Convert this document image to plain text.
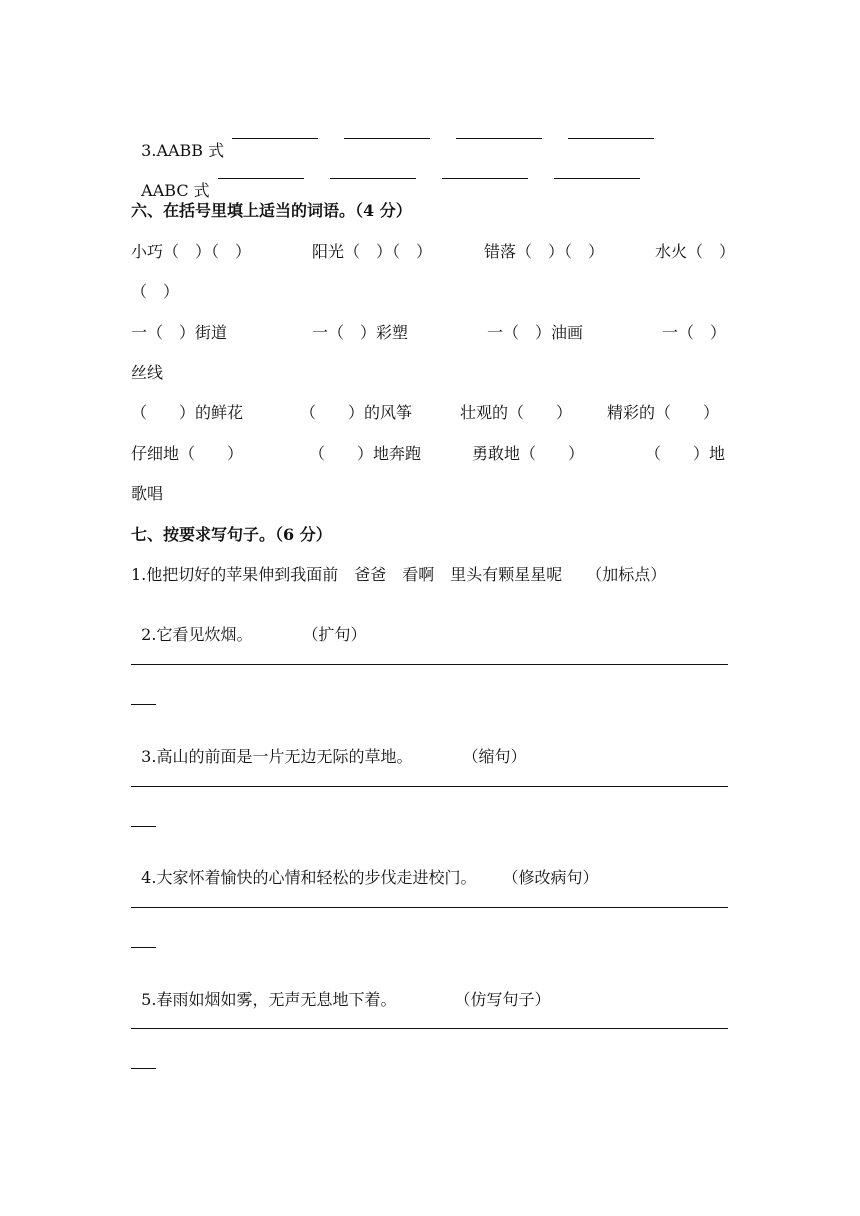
3.AABB 式

AABC 式

六、在括号里填上适当的词语。（4 分）
小巧（　）（　）	阳光（　）（　）	错落（　）（　）	水火（　）
（　）
一（　）街道	一（　）彩塑	一（　）油画	一（　）
丝线
（　　）的鲜花	（　　）的风筝	壮观的（　　） 精彩的（　　）
仔细地（　　）	（　　）地奔跑	勇敢地（　　）	（　　）地
歌唱
七、按要求写句子。（6 分）
1.他把切好的苹果伸到我面前　爸爸　看啊　里头有颗星星呢　　（加标点）

2.它看见炊烟。	（扩句）

3.高山的前面是一片无边无际的草地。	（缩句）

4.大家怀着愉快的心情和轻松的步伐走进校门。 （修改病句）

5.春雨如烟如雾，无声无息地下着。	（仿写句子）
